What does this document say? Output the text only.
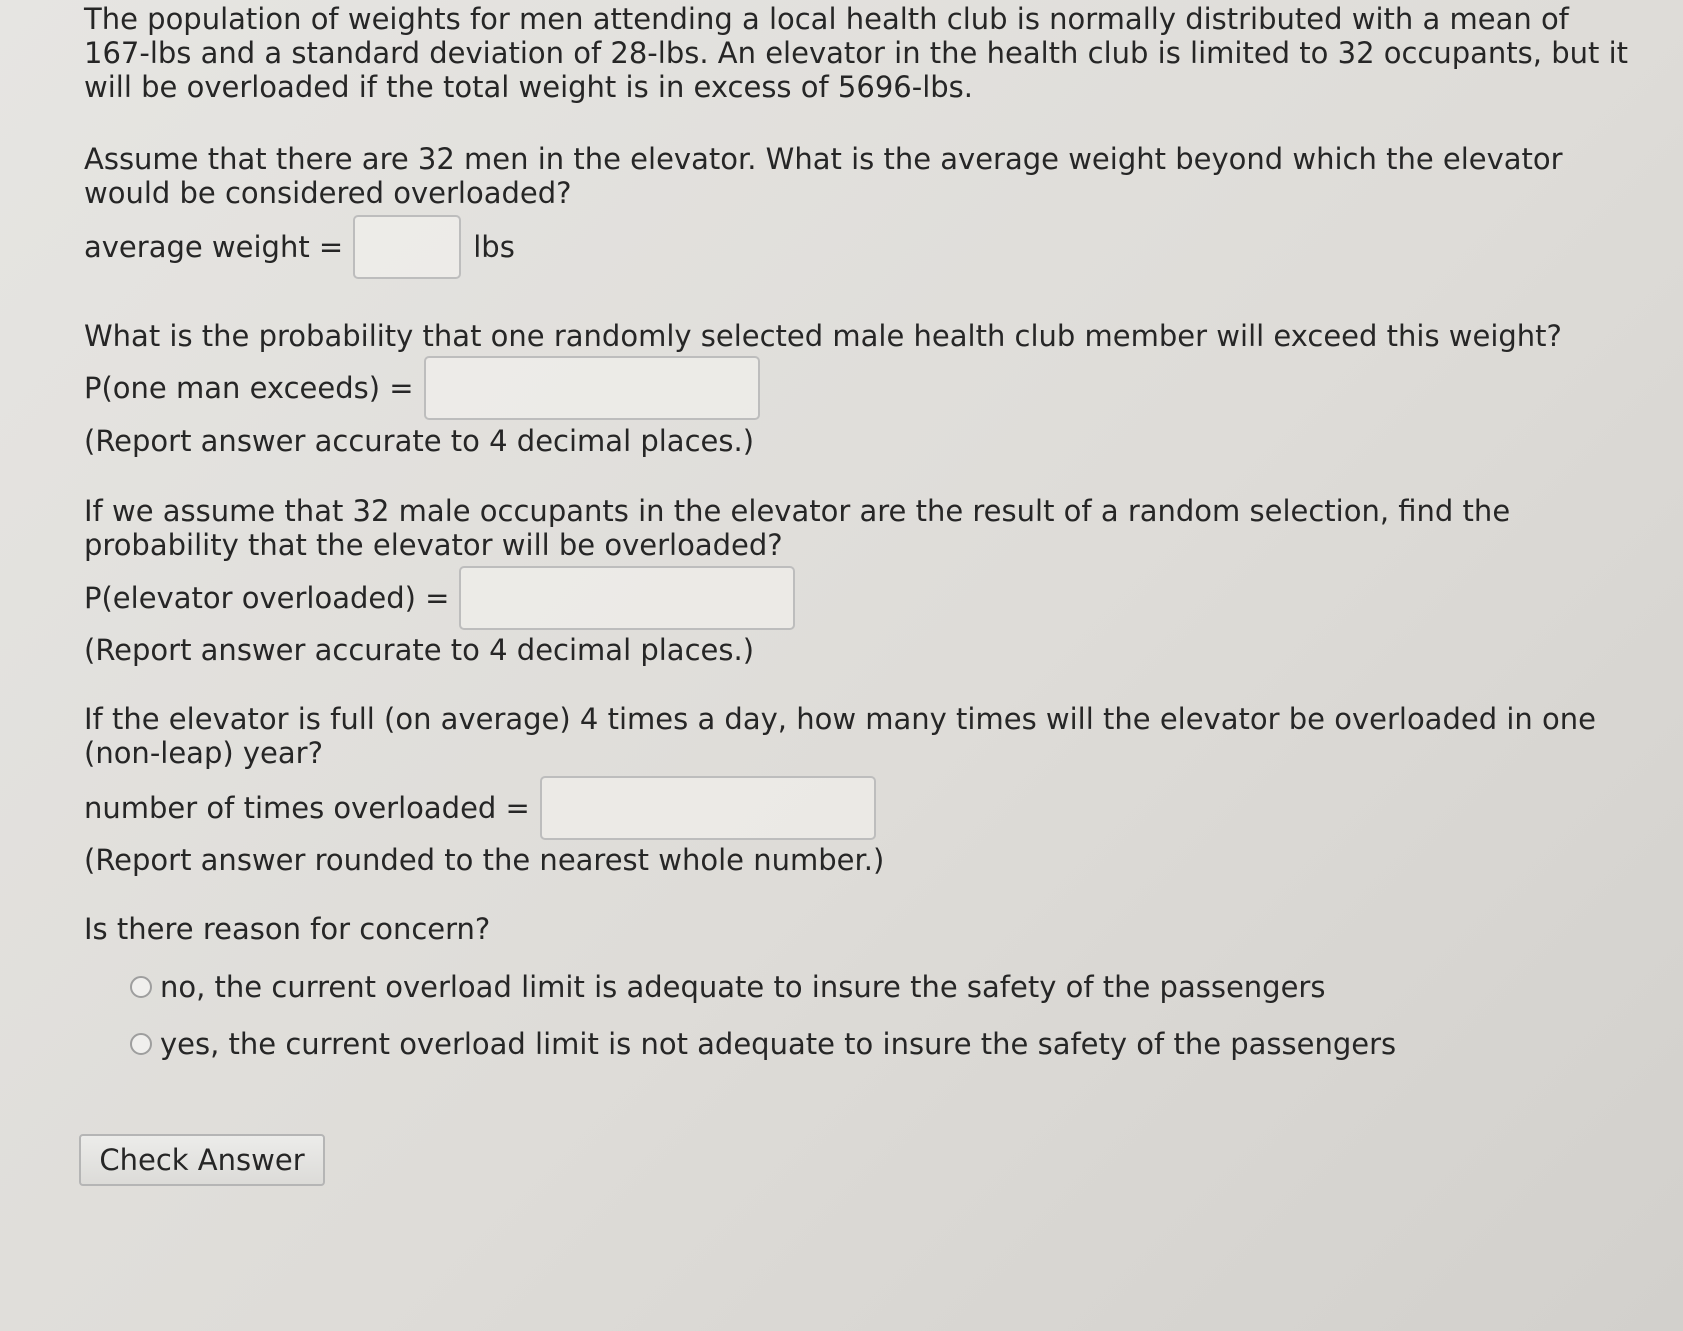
The population of weights for men attending a local health club is normally distributed with a mean of 167-lbs and a standard deviation of 28-lbs. An elevator in the health club is limited to 32 occupants, but it will be overloaded if the total weight is in excess of 5696-lbs.
Assume that there are 32 men in the elevator. What is the average weight beyond which the elevator would be considered overloaded?
average weight =	lbs
What is the probability that one randomly selected male health club member will exceed this weight?
P(one man exceeds) =
(Report answer accurate to 4 decimal places.)
If we assume that 32 male occupants in the elevator are the result of a random selection, find the probability that the elevator will be overloaded?
P(elevator overloaded) =
(Report answer accurate to 4 decimal places.)
If the elevator is full (on average) 4 times a day, how many times will the elevator be overloaded in one (non-leap) year?
number of times overloaded =
(Report answer rounded to the nearest whole number.)
Is there reason for concern?
no, the current overload limit is adequate to insure the safety of the passengers
yes, the current overload limit is not adequate to insure the safety of the passengers
Check Answer
